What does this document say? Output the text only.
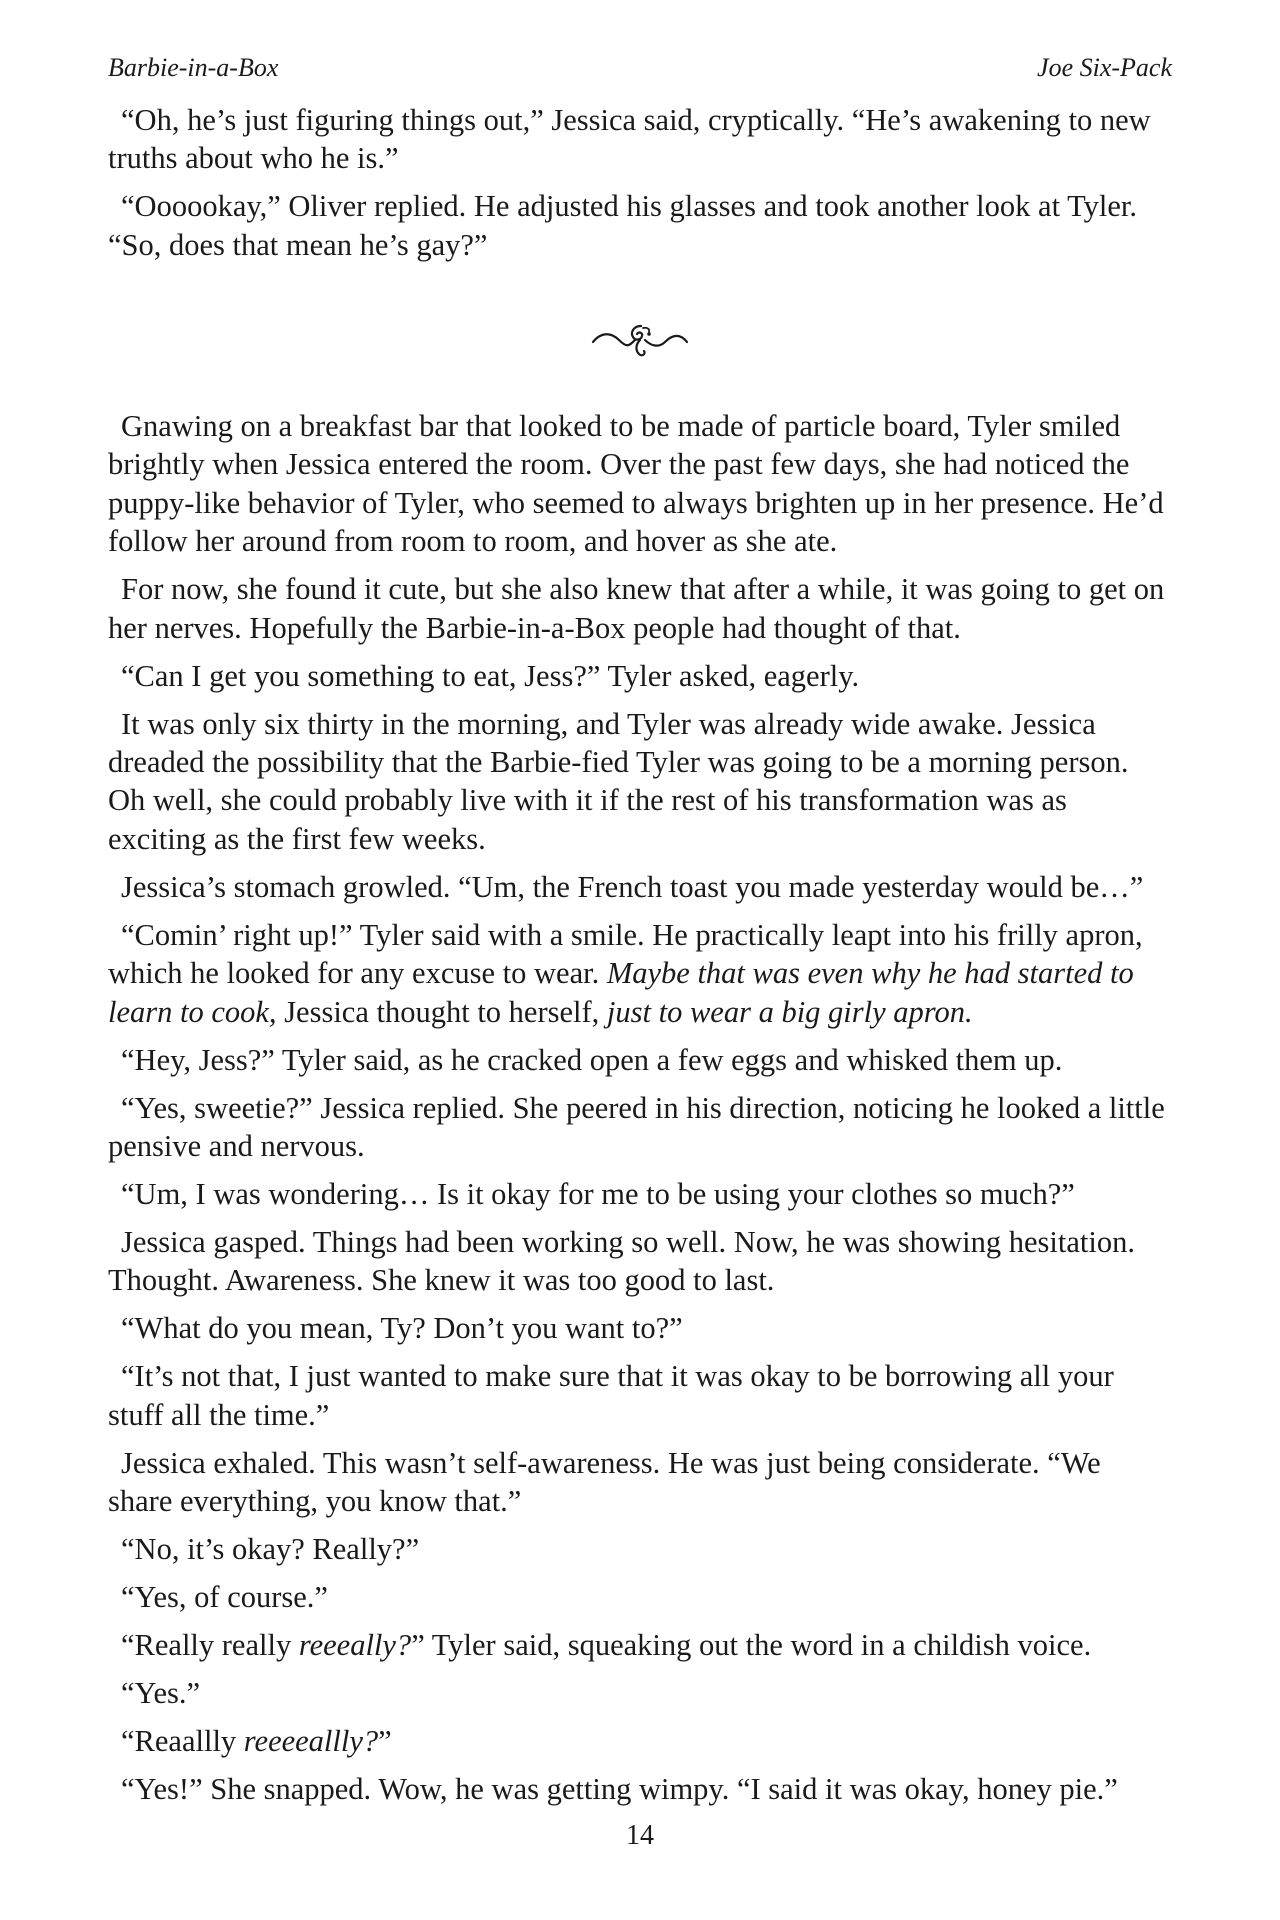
Barbie-in-a-Box	Joe Six-Pack

“Oh, he’s just figuring things out,” Jessica said, cryptically. “He’s awakening to new truths about who he is.”

“Oooookay,” Oliver replied. He adjusted his glasses and took another look at Tyler. “So, does that mean he’s gay?”

Gnawing on a breakfast bar that looked to be made of particle board, Tyler smiled brightly when Jessica entered the room. Over the past few days, she had noticed the puppy-like behavior of Tyler, who seemed to always brighten up in her presence. He’d follow her around from room to room, and hover as she ate.

For now, she found it cute, but she also knew that after a while, it was going to get on her nerves. Hopefully the Barbie-in-a-Box people had thought of that.

“Can I get you something to eat, Jess?” Tyler asked, eagerly.

It was only six thirty in the morning, and Tyler was already wide awake. Jessica dreaded the possibility that the Barbie-fied Tyler was going to be a morning person. Oh well, she could probably live with it if the rest of his transformation was as exciting as the first few weeks.

Jessica’s stomach growled. “Um, the French toast you made yesterday would be…”

“Comin’ right up!” Tyler said with a smile. He practically leapt into his frilly apron, which he looked for any excuse to wear. Maybe that was even why he had started to learn to cook, Jessica thought to herself, just to wear a big girly apron.

“Hey, Jess?” Tyler said, as he cracked open a few eggs and whisked them up.

“Yes, sweetie?” Jessica replied. She peered in his direction, noticing he looked a little pensive and nervous.

“Um, I was wondering… Is it okay for me to be using your clothes so much?”

Jessica gasped. Things had been working so well. Now, he was showing hesitation. Thought. Awareness. She knew it was too good to last.

“What do you mean, Ty? Don’t you want to?”

“It’s not that, I just wanted to make sure that it was okay to be borrowing all your stuff all the time.”

Jessica exhaled. This wasn’t self-awareness. He was just being considerate. “We share everything, you know that.”

“No, it’s okay? Really?”

“Yes, of course.”

“Really really reeeally?” Tyler said, squeaking out the word in a childish voice.

“Yes.”

“Reaallly reeeeallly?”

“Yes!” She snapped. Wow, he was getting wimpy. “I said it was okay, honey pie.”

14
